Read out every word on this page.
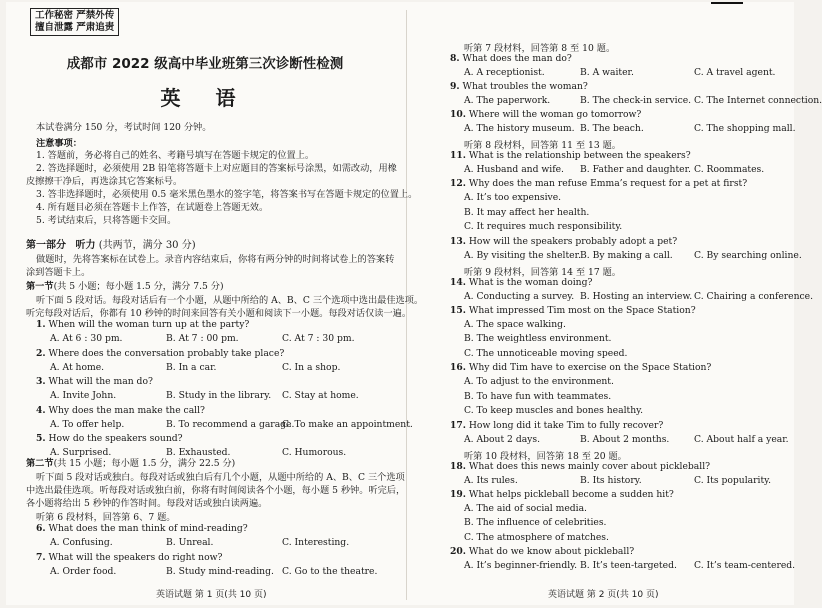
工作秘密 严禁外传
擅自泄露 严肃追责
成都市 2022 级高中毕业班第三次诊断性检测
英 语
本试卷满分 150 分，考试时间 120 分钟。
注意事项：
1. 答题前，务必将自己的姓名、考籍号填写在答题卡规定的位置上。
2. 答选择题时，必须使用 2B 铅笔将答题卡上对应题目的答案标号涂黑，如需改动，用橡
皮擦擦干净后，再选涂其它答案标号。
3. 答非选择题时，必须使用 0.5 毫米黑色墨水的签字笔，将答案书写在答题卡规定的位置上。
4. 所有题目必须在答题卡上作答，在试题卷上答题无效。
5. 考试结束后，只将答题卡交回。
第一部分 听力 (共两节，满分 30 分)
做题时，先将答案标在试卷上。录音内容结束后，你将有两分钟的时间将试卷上的答案转
涂到答题卡上。
第一节(共 5 小题；每小题 1.5 分，满分 7.5 分)
听下面 5 段对话。每段对话后有一个小题，从题中所给的 A、B、C 三个选项中选出最佳选项。
听完每段对话后，你都有 10 秒钟的时间来回答有关小题和阅读下一小题。每段对话仅读一遍。
1. When will the woman turn up at the party?
A. At 6 : 30 pm.	B. At 7 : 00 pm.	C. At 7 : 30 pm.
2. Where does the conversation probably take place?
A. At home.	B. In a car.	C. In a shop.
3. What will the man do?
A. Invite John.	B. Study in the library. C. Stay at home.
4. Why does the man make the call?
A. To offer help.	B. To recommend a garage.
C. To make an appointment.
5. How do the speakers sound?
A. Surprised.	B. Exhausted.	C. Humorous.
第二节(共 15 小题；每小题 1.5 分，满分 22.5 分)
听下面 5 段对话或独白。每段对话或独白后有几个小题，从题中所给的 A、B、C 三个选项
中选出最佳选项。听每段对话或独白前，你将有时间阅读各个小题，每小题 5 秒钟。听完后，
各小题将给出 5 秒钟的作答时间。每段对话或独白读两遍。
听第 6 段材料，回答第 6、7 题。
6. What does the man think of mind-reading?
A. Confusing.	B. Unreal.	C. Interesting.
7. What will the speakers do right now?
A. Order food.	B. Study mind-reading. C. Go to the theatre.
英语试题 第 1 页(共 10 页)
听第 7 段材料，回答第 8 至 10 题。
8. What does the man do?
A. A receptionist.	B. A waiter.	C. A travel agent.
9. What troubles the woman?
A. The paperwork.	B. The check-in service. C. The Internet connection.
10. Where will the woman go tomorrow?
A. The history museum. B. The beach.	C. The shopping mall.
听第 8 段材料，回答第 11 至 13 题。
11. What is the relationship between the speakers?
A. Husband and wife. B. Father and daughter. C. Roommates.
12. Why does the man refuse Emma’s request for a pet at first?
A. It’s too expensive.
B. It may affect her health.
C. It requires much responsibility.
13. How will the speakers probably adopt a pet?
A. By visiting the shelter. B. By making a call. C. By searching online.
听第 9 段材料，回答第 14 至 17 题。
14. What is the woman doing?
A. Conducting a survey. B. Hosting an interview. C. Chairing a conference.
15. What impressed Tim most on the Space Station?
A. The space walking.
B. The weightless environment.
C. The unnoticeable moving speed.
16. Why did Tim have to exercise on the Space Station?
A. To adjust to the environment.
B. To have fun with teammates.
C. To keep muscles and bones healthy.
17. How long did it take Tim to fully recover?
A. About 2 days.	B. About 2 months.	C. About half a year.
听第 10 段材料，回答第 18 至 20 题。
18. What does this news mainly cover about pickleball?
A. Its rules.	B. Its history.	C. Its popularity.
19. What helps pickleball become a sudden hit?
A. The aid of social media.
B. The influence of celebrities.
C. The atmosphere of matches.
20. What do we know about pickleball?
A. It’s beginner-friendly. B. It’s teen-targeted. C. It’s team-centered.
英语试题 第 2 页(共 10 页)
